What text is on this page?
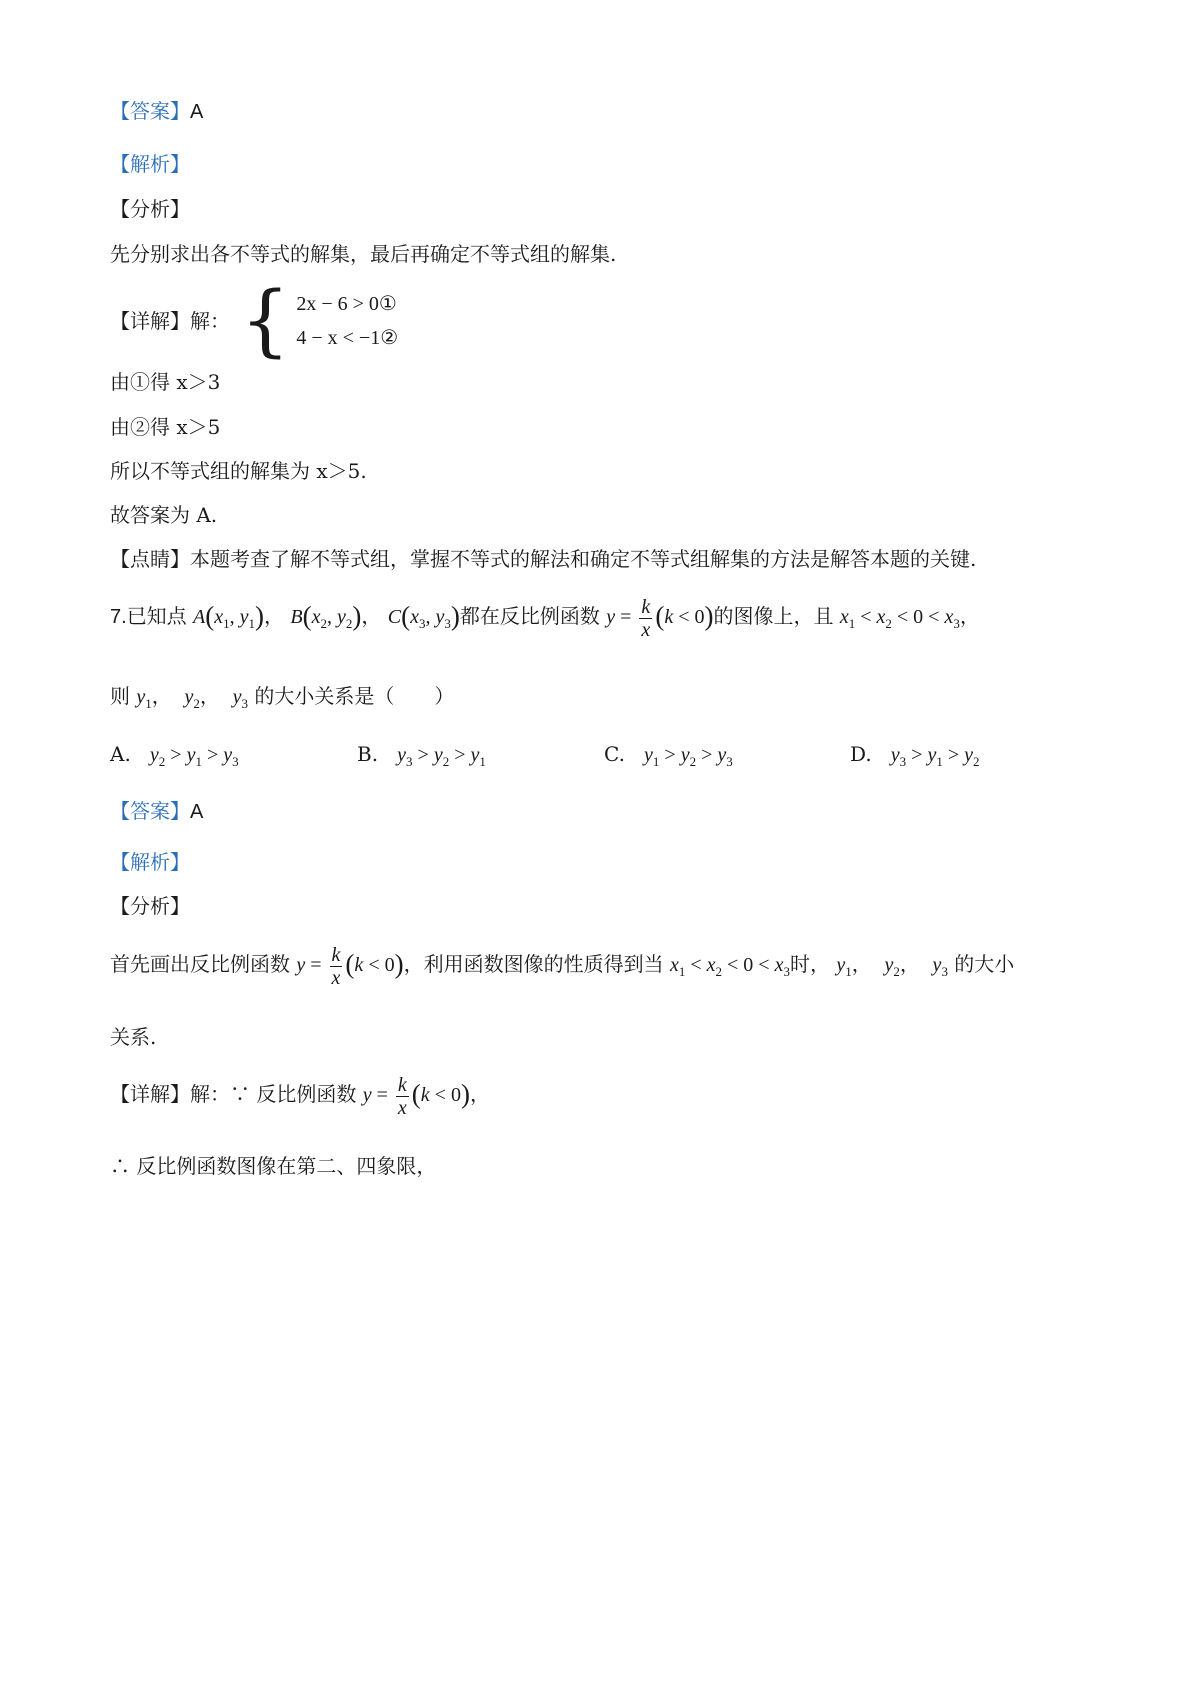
【答案】A
【解析】
【分析】
先分别求出各不等式的解集，最后再确定不等式组的解集.
【详解】解： { 2x − 6 > 0①
4 − x < −1②
由①得 x＞3
由②得 x＞5
所以不等式组的解集为 x＞5.
故答案为 A.
【点睛】本题考查了解不等式组，掌握不等式的解法和确定不等式组解集的方法是解答本题的关键.
7.已知点 $A(x_1$, $y_1$)， $B(x_2$, $y_2$)， $C(x_3$, $y_3$)都在反比例函数 $y = \frac{k}{x} (k < 0)$的图像上，且 $x_1 < x_2 < 0 < x_3$，
则 $y_1$，  $y_2$，  $y_3$ 的大小关系是（　　）
A. $y_2 > y_1 > y_3$	B. $y_3 > y_2 > y_1$	C. $y_1 > y_2 > y_3$	D. $y_3 > y_1 > y_2$
【答案】A
【解析】
【分析】
首先画出反比例函数 $y = \frac{k}{x} (k < 0)$，利用函数图像的性质得到当 $x_1 < x_2 < 0 < x_3$时， $y_1$，  $y_2$，  $y_3$ 的大小
关系.
【详解】解：∵ 反比例函数 $y = \frac{k}{x} (k < 0)$，
∴ 反比例函数图像在第二、四象限，
